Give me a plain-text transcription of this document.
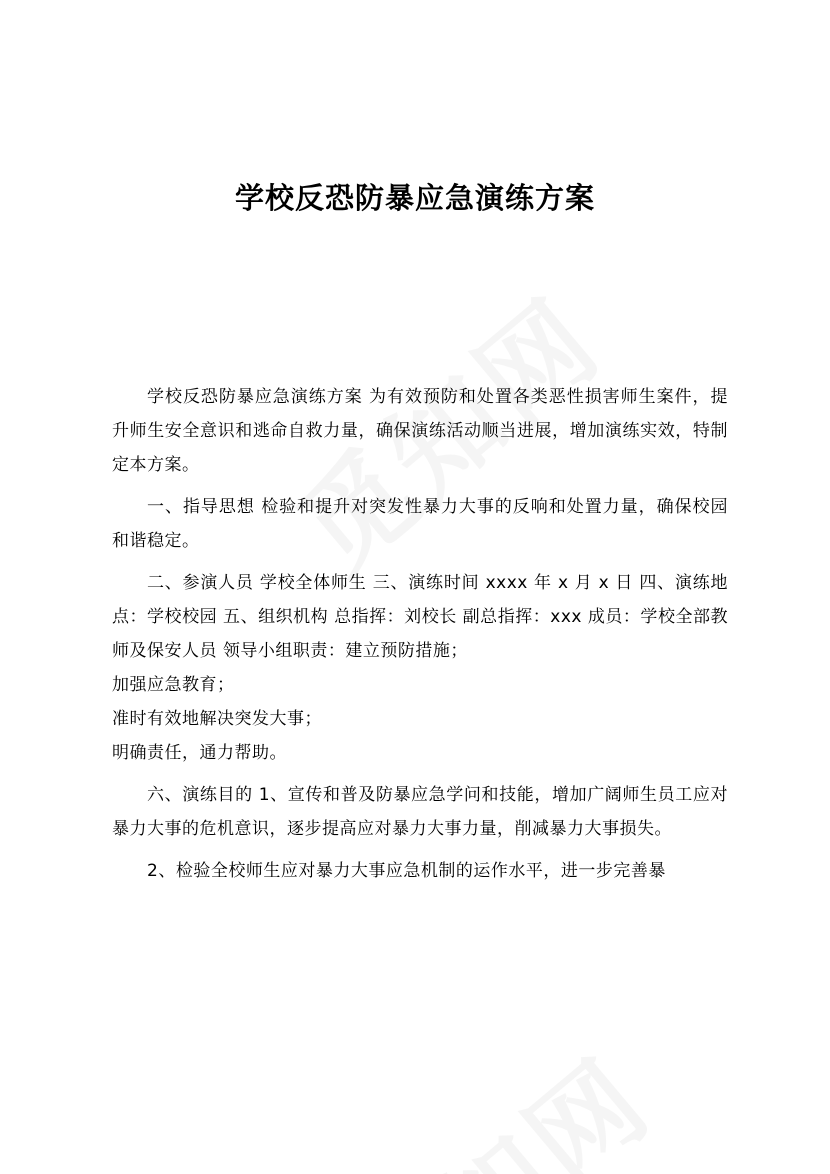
学校反恐防暴应急演练方案

学校反恐防暴应急演练方案 为有效预防和处置各类恶性损害师生案件，提升师生安全意识和逃命自救力量，确保演练活动顺当进展，增加演练实效，特制定本方案。

一、指导思想 检验和提升对突发性暴力大事的反响和处置力量，确保校园和谐稳定。

二、参演人员 学校全体师生 三、演练时间 xxxx 年 x 月 x 日 四、演练地点：学校校园 五、组织机构 总指挥：刘校长 副总指挥：xxx 成员：学校全部教师及保安人员 领导小组职责：建立预防措施；

加强应急教育；

准时有效地解决突发大事；

明确责任，通力帮助。

六、演练目的 1、宣传和普及防暴应急学问和技能，增加广阔师生员工应对暴力大事的危机意识，逐步提高应对暴力大事力量，削减暴力大事损失。

2、检验全校师生应对暴力大事应急机制的运作水平，进一步完善暴
